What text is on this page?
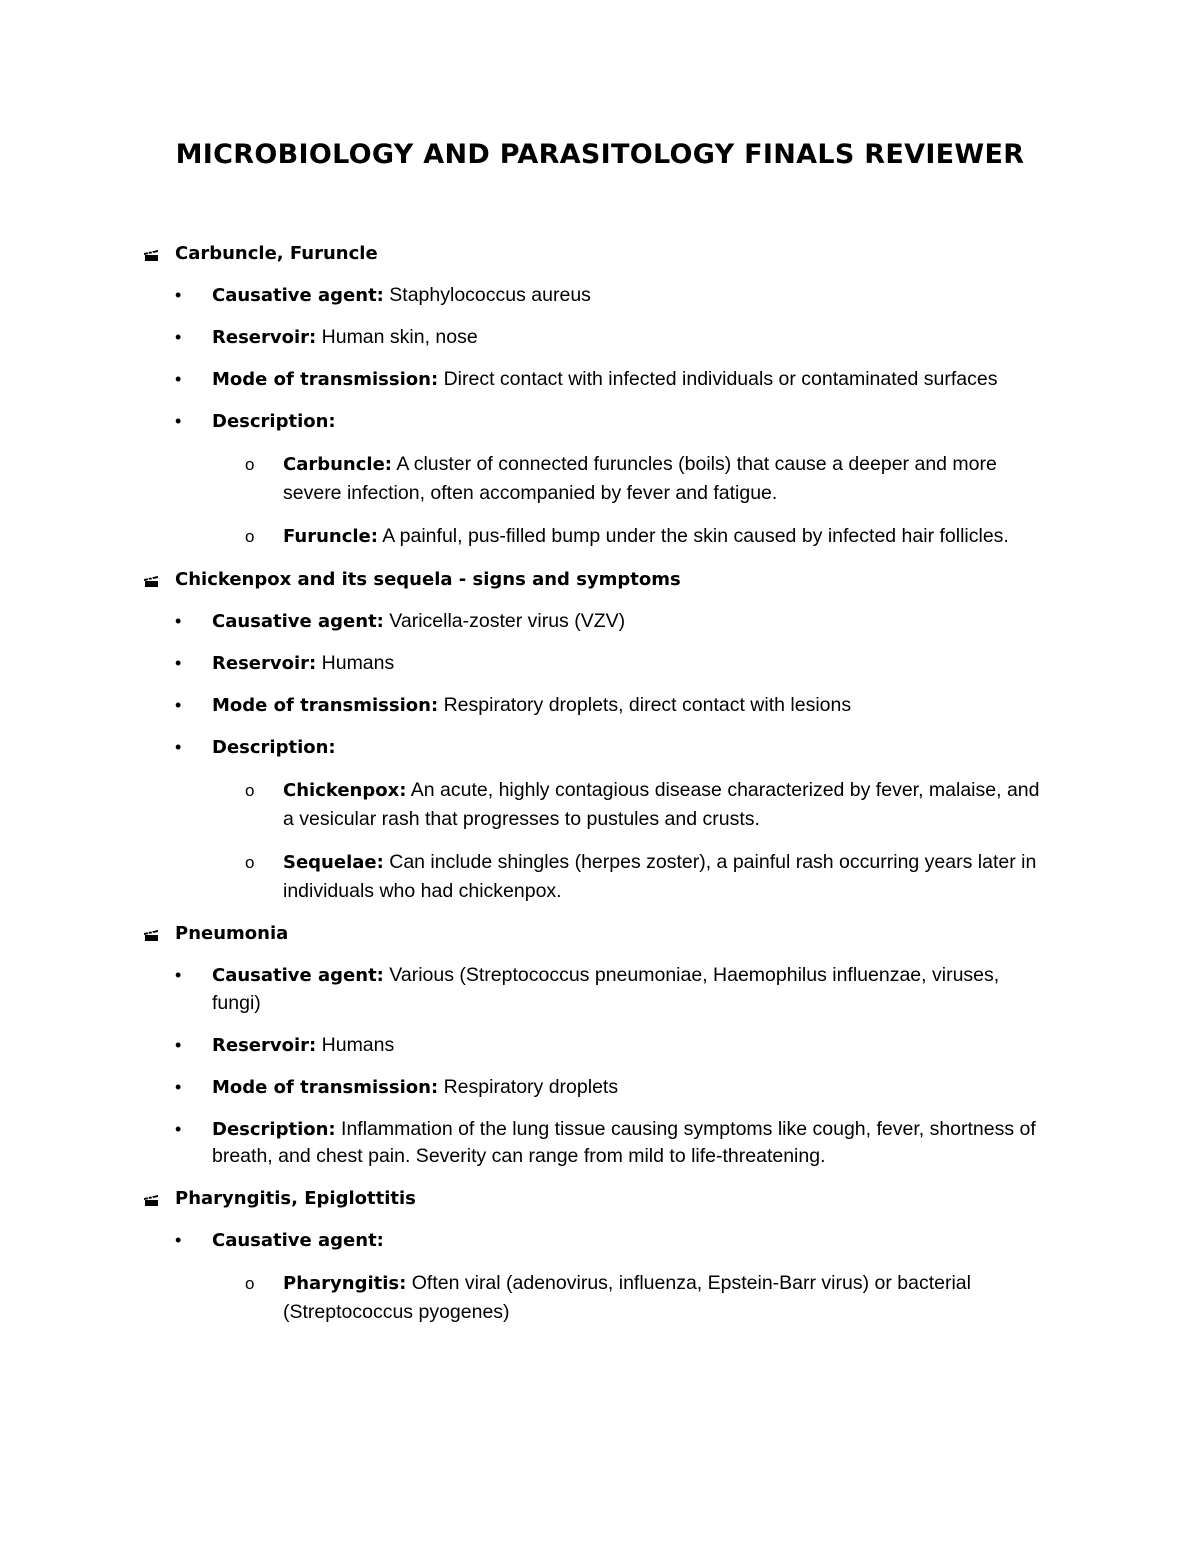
MICROBIOLOGY AND PARASITOLOGY FINALS REVIEWER
Carbuncle, Furuncle
• Causative agent: Staphylococcus aureus
• Reservoir: Human skin, nose
• Mode of transmission: Direct contact with infected individuals or contaminated surfaces
• Description:
o Carbuncle: A cluster of connected furuncles (boils) that cause a deeper and more severe infection, often accompanied by fever and fatigue.
o Furuncle: A painful, pus-filled bump under the skin caused by infected hair follicles.
Chickenpox and its sequela - signs and symptoms
• Causative agent: Varicella-zoster virus (VZV)
• Reservoir: Humans
• Mode of transmission: Respiratory droplets, direct contact with lesions
• Description:
o Chickenpox: An acute, highly contagious disease characterized by fever, malaise, and a vesicular rash that progresses to pustules and crusts.
o Sequelae: Can include shingles (herpes zoster), a painful rash occurring years later in individuals who had chickenpox.
Pneumonia
• Causative agent: Various (Streptococcus pneumoniae, Haemophilus influenzae, viruses, fungi)
• Reservoir: Humans
• Mode of transmission: Respiratory droplets
• Description: Inflammation of the lung tissue causing symptoms like cough, fever, shortness of breath, and chest pain. Severity can range from mild to life-threatening.
Pharyngitis, Epiglottitis
• Causative agent:
o Pharyngitis: Often viral (adenovirus, influenza, Epstein-Barr virus) or bacterial (Streptococcus pyogenes)
